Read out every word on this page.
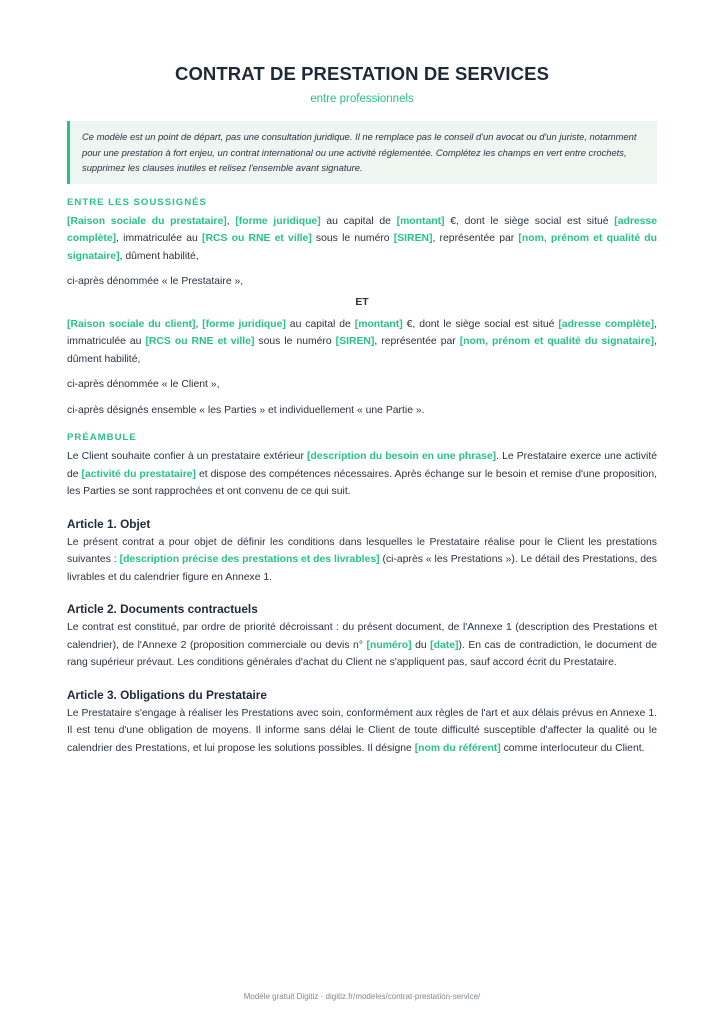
CONTRAT DE PRESTATION DE SERVICES
entre professionnels
Ce modèle est un point de départ, pas une consultation juridique. Il ne remplace pas le conseil d'un avocat ou d'un juriste, notamment pour une prestation à fort enjeu, un contrat international ou une activité réglementée. Complétez les champs en vert entre crochets, supprimez les clauses inutiles et relisez l'ensemble avant signature.
ENTRE LES SOUSSIGNÉS

[Raison sociale du prestataire], [forme juridique] au capital de [montant] €, dont le siège social est situé [adresse complète], immatriculée au [RCS ou RNE et ville] sous le numéro [SIREN], représentée par [nom, prénom et qualité du signataire], dûment habilité,

ci-après dénommée « le Prestataire »,

ET

[Raison sociale du client], [forme juridique] au capital de [montant] €, dont le siège social est situé [adresse complète], immatriculée au [RCS ou RNE et ville] sous le numéro [SIREN], représentée par [nom, prénom et qualité du signataire], dûment habilité,

ci-après dénommée « le Client »,

ci-après désignés ensemble « les Parties » et individuellement « une Partie ».

PRÉAMBULE

Le Client souhaite confier à un prestataire extérieur [description du besoin en une phrase]. Le Prestataire exerce une activité de [activité du prestataire] et dispose des compétences nécessaires. Après échange sur le besoin et remise d'une proposition, les Parties se sont rapprochées et ont convenu de ce qui suit.

Article 1. Objet

Le présent contrat a pour objet de définir les conditions dans lesquelles le Prestataire réalise pour le Client les prestations suivantes : [description précise des prestations et des livrables] (ci-après « les Prestations »). Le détail des Prestations, des livrables et du calendrier figure en Annexe 1.

Article 2. Documents contractuels

Le contrat est constitué, par ordre de priorité décroissant : du présent document, de l'Annexe 1 (description des Prestations et calendrier), de l'Annexe 2 (proposition commerciale ou devis n° [numéro] du [date]). En cas de contradiction, le document de rang supérieur prévaut. Les conditions générales d'achat du Client ne s'appliquent pas, sauf accord écrit du Prestataire.

Article 3. Obligations du Prestataire

Le Prestataire s'engage à réaliser les Prestations avec soin, conformément aux règles de l'art et aux délais prévus en Annexe 1. Il est tenu d'une obligation de moyens. Il informe sans délai le Client de toute difficulté susceptible d'affecter la qualité ou le calendrier des Prestations, et lui propose les solutions possibles. Il désigne [nom du référent] comme interlocuteur du Client.

Modèle gratuit Digitiz · digitiz.fr/modeles/contrat-prestation-service/
